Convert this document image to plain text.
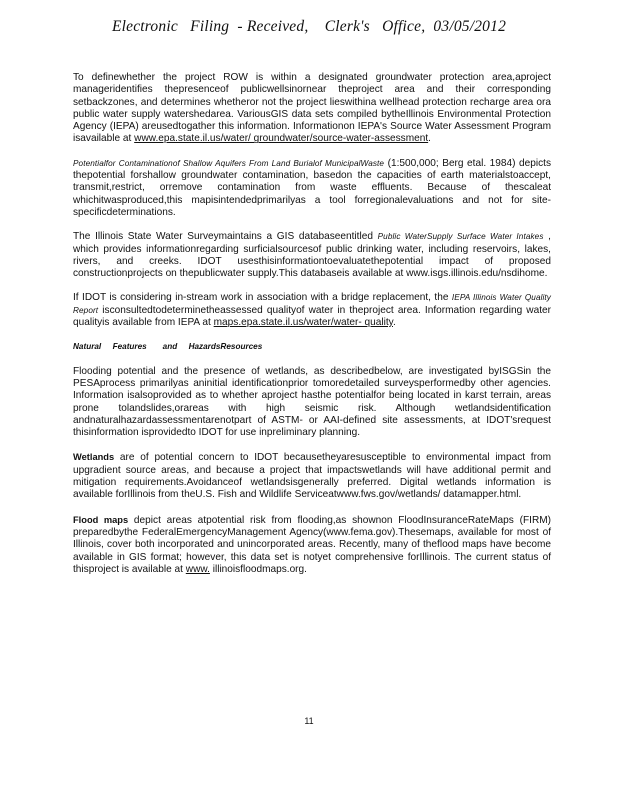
Electronic   Filing  - Received,    Clerk's   Office,  03/05/2012

To definewhether the project ROW is within a designated groundwater protection area,aproject manageridentifies thepresenceof publicwellsinornear theproject area and their corresponding setbackzones, and determines whetheror not the project lieswithina wellhead protection recharge area ora public water supply watershedarea. VariousGIS data sets compiled bytheIllinois Environmental Protection Agency (IEPA) areusedtogather this information. Informationon IEPA's Source Water Assessment Program isavailable at www.epa.state.il.us/water/ groundwater/source-water-assessment.

Potentialfor Contaminationof Shallow Aquifers From Land Burialof MunicipalWaste (1:500,000; Berg etal. 1984) depicts thepotential forshallow groundwater contamination, basedon the capacities of earth materialstoaccept, transmit,restrict, orremove contamination from waste effluents. Because of thescaleat whichitwasproduced,this mapisintendedprimarilyas a tool forregionalevaluations and not for site-specificdeterminations.

The Illinois State Water Surveymaintains a GIS databaseentitled Public WaterSupply Surface Water Intakes , which provides informationregarding surficialsourcesof public drinking water, including reservoirs, lakes, rivers, and creeks. IDOT usesthisinformationtoevaluatethepotential impact of proposed constructionprojects on thepublicwater supply.This databaseis available at www.isgs.illinois.edu/nsdihome.

If IDOT is considering in-stream work in association with a bridge replacement, the IEPA Illinois Water Quality Report isconsultedtodeterminetheassessed qualityof water in theproject area. Information regarding water qualityis available from IEPA at maps.epa.state.il.us/water/water- quality.

Natural     Features       and     HazardsResources

Flooding potential and the presence of wetlands, as describedbelow, are investigated byISGSin the PESAprocess primarilyas aninitial identificationprior tomoredetailed surveysperformedby other agencies. Information isalsoprovided as to whether aproject hasthe potentialfor being located in karst terrain, areas prone tolandslides,orareas with high seismic risk. Although wetlandsidentification andnaturalhazardassessmentarenotpart of ASTM- or AAI-defined site assessments, at IDOT'srequest thisinformation isprovidedto IDOT for use inpreliminary planning.

Wetlands are of potential concern to IDOT becausetheyaresusceptible to environmental impact from upgradient source areas, and because a project that impactswetlands will have additional permit and mitigation requirements.Avoidanceof wetlandsisgenerally preferred. Digital wetlands information is available forIllinois from theU.S. Fish and Wildlife Serviceatwww.fws.gov/wetlands/ datamapper.html.

Flood maps depict areas atpotential risk from flooding,as shownon FloodInsuranceRateMaps (FIRM) preparedbythe FederalEmergencyManagement Agency(www.fema.gov).Thesemaps, available for most of Illinois, cover both incorporated and unincorporated areas. Recently, many of theflood maps have become available in GIS format; however, this data set is notyet comprehensive forIllinois. The current status of thisproject is available at www. illinoisfloodmaps.org.

11
